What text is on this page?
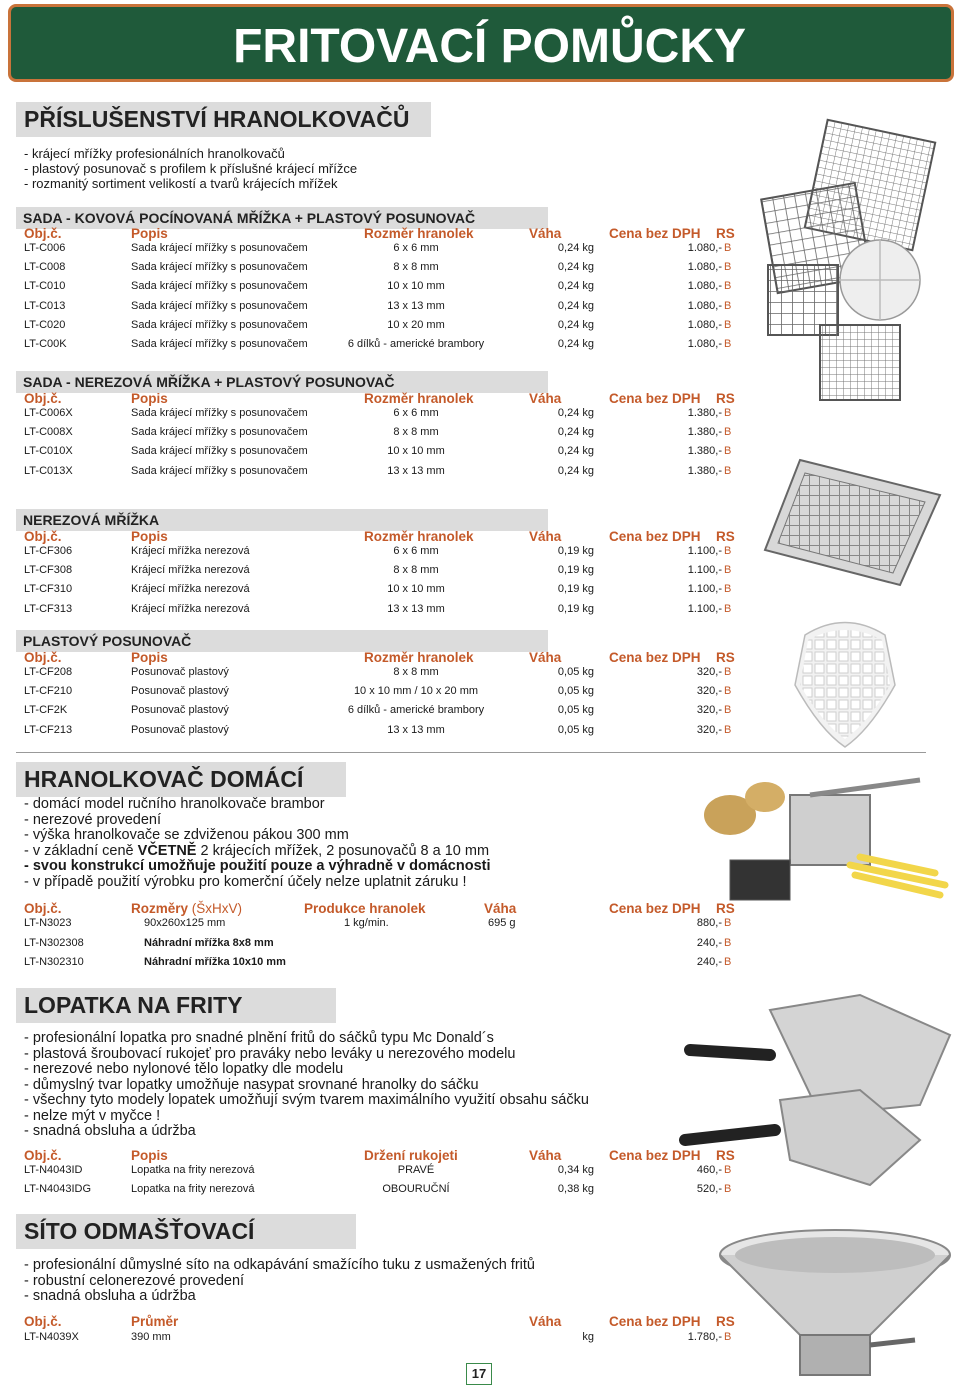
FRITOVACÍ POMŮCKY
PŘÍSLUŠENSTVÍ HRANOLKOVAČŮ
- krájecí mřížky profesionálních hranolkovačů
- plastový posunovač s profilem k příslušné krájecí mřížce
- rozmanitý sortiment velikostí a tvarů krájecích mřížek
SADA - KOVOVÁ POCÍNOVANÁ MŘÍŽKA + PLASTOVÝ POSUNOVAČ
Obj.č.	Popis	Rozměr hranolek	Váha	Cena bez DPH RS
LT-C006	Sada krájecí mřížky s posunovačem	6 x 6 mm	0,24 kg	1.080,- B
LT-C008	Sada krájecí mřížky s posunovačem	8 x 8 mm	0,24 kg	1.080,- B
LT-C010	Sada krájecí mřížky s posunovačem	10 x 10 mm	0,24 kg	1.080,- B
LT-C013	Sada krájecí mřížky s posunovačem	13 x 13 mm	0,24 kg	1.080,- B
LT-C020	Sada krájecí mřížky s posunovačem	10 x 20 mm	0,24 kg	1.080,- B
LT-C00K	Sada krájecí mřížky s posunovačem	6 dílků - americké brambory	0,24 kg	1.080,- B
SADA - NEREZOVÁ MŘÍŽKA + PLASTOVÝ POSUNOVAČ
Obj.č.	Popis	Rozměr hranolek	Váha	Cena bez DPH RS
LT-C006X	Sada krájecí mřížky s posunovačem	6 x 6 mm	0,24 kg	1.380,- B
LT-C008X	Sada krájecí mřížky s posunovačem	8 x 8 mm	0,24 kg	1.380,- B
LT-C010X	Sada krájecí mřížky s posunovačem	10 x 10 mm	0,24 kg	1.380,- B
LT-C013X	Sada krájecí mřížky s posunovačem	13 x 13 mm	0,24 kg	1.380,- B
NEREZOVÁ MŘÍŽKA
Obj.č.	Popis	Rozměr hranolek	Váha	Cena bez DPH RS
LT-CF306	Krájecí mřížka nerezová	6 x 6 mm	0,19 kg	1.100,- B
LT-CF308	Krájecí mřížka nerezová	8 x 8 mm	0,19 kg	1.100,- B
LT-CF310	Krájecí mřížka nerezová	10 x 10 mm	0,19 kg	1.100,- B
LT-CF313	Krájecí mřížka nerezová	13 x 13 mm	0,19 kg	1.100,- B
PLASTOVÝ POSUNOVAČ
Obj.č.	Popis	Rozměr hranolek	Váha	Cena bez DPH RS
LT-CF208	Posunovač plastový	8 x 8 mm	0,05 kg	320,- B
LT-CF210	Posunovač plastový	10 x 10 mm / 10 x 20 mm	0,05 kg	320,- B
LT-CF2K	Posunovač plastový	6 dílků - americké brambory	0,05 kg	320,- B
LT-CF213	Posunovač plastový	13 x 13 mm	0,05 kg	320,- B
HRANOLKOVAČ DOMÁCÍ
- domácí model ručního hranolkovače brambor
- nerezové provedení
- výška hranolkovače se zdviženou pákou 300 mm
- v základní ceně VČETNĚ 2 krájecích mřížek, 2 posunovačů 8 a 10 mm
- svou konstrukcí umožňuje použití pouze a výhradně v domácnosti
- v případě použití výrobku pro komerční účely nelze uplatnit záruku !
Obj.č.	Rozměry (ŠxHxV)	Produkce hranolek	Váha	Cena bez DPH RS
LT-N3023	90x260x125 mm	1 kg/min.	695 g	880,- B
LT-N302308	Náhradní mřížka 8x8 mm	240,- B
LT-N302310	Náhradní mřížka 10x10 mm	240,- B
LOPATKA NA FRITY
- profesionální lopatka pro snadné plnění fritů do sáčků typu Mc Donald´s
- plastová šroubovací rukojeť pro praváky nebo leváky u nerezového modelu
- nerezové nebo nylonové tělo lopatky dle modelu
- důmyslný tvar lopatky umožňuje nasypat srovnané hranolky do sáčku
- všechny tyto modely lopatek umožňují svým tvarem maximálního využití obsahu sáčku
- nelze mýt v myčce !
- snadná obsluha a údržba
Obj.č.	Popis	Držení rukojeti	Váha	Cena bez DPH RS
LT-N4043ID	Lopatka na frity nerezová	PRAVÉ	0,34 kg	460,- B
LT-N4043IDG	Lopatka na frity nerezová	OBOURUČNÍ	0,38 kg	520,- B
SÍTO ODMAŠŤOVACÍ
- profesionální důmyslné síto na odkapávání smažícího tuku z usmažených fritů
- robustní celonerezové provedení
- snadná obsluha a údržba
Obj.č.	Průměr	Váha	Cena bez DPH RS
LT-N4039X	390 mm	kg	1.780,- B
17
